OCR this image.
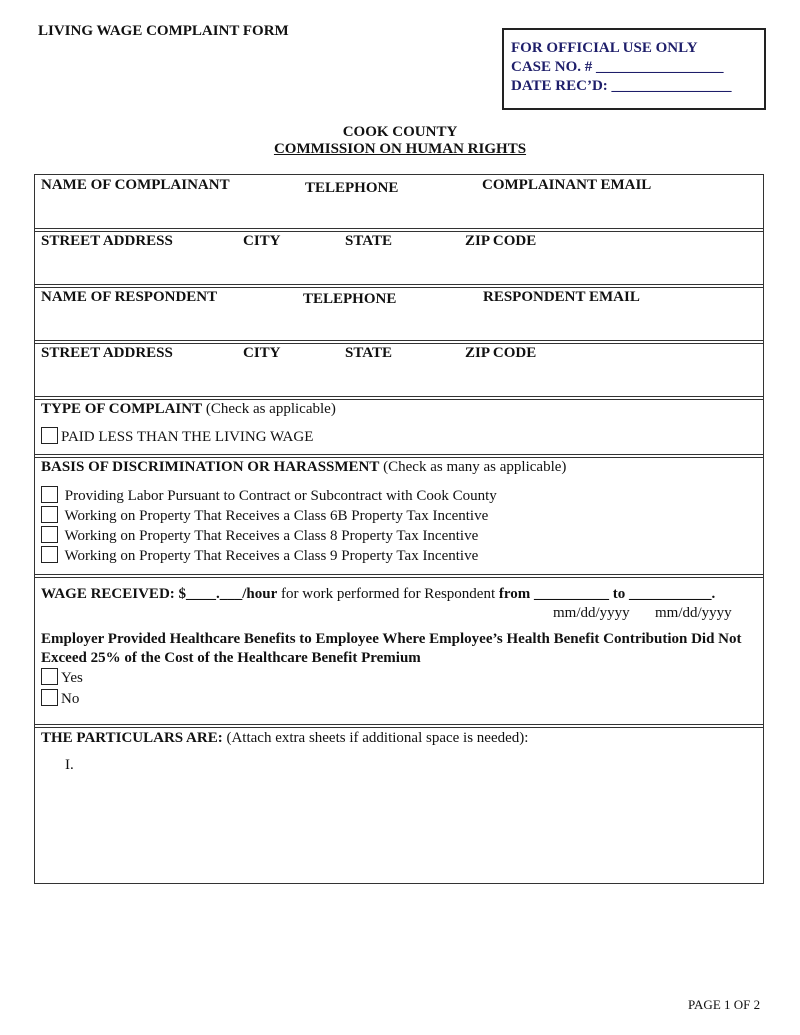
LIVING WAGE COMPLAINT FORM
FOR OFFICIAL USE ONLY
CASE NO. # _________________
DATE REC’D: ________________
COOK COUNTY
COMMISSION ON HUMAN RIGHTS
NAME OF COMPLAINANT	TELEPHONE	COMPLAINANT EMAIL
STREET ADDRESS	CITY	STATE	ZIP CODE
NAME OF RESPONDENT	TELEPHONE	RESPONDENT EMAIL
STREET ADDRESS	CITY	STATE	ZIP CODE
TYPE OF COMPLAINT (Check as applicable)
PAID LESS THAN THE LIVING WAGE
BASIS OF DISCRIMINATION OR HARASSMENT (Check as many as applicable)
Providing Labor Pursuant to Contract or Subcontract with Cook County
Working on Property That Receives a Class 6B Property Tax Incentive
Working on Property That Receives a Class 8 Property Tax Incentive
Working on Property That Receives a Class 9 Property Tax Incentive
WAGE RECEIVED: $____.___/hour for work performed for Respondent from __________ to ___________.
mm/dd/yyyy mm/dd/yyyy
Employer Provided Healthcare Benefits to Employee Where Employee’s Health Benefit Contribution Did Not Exceed 25% of the Cost of the Healthcare Benefit Premium
Yes
No
THE PARTICULARS ARE: (Attach extra sheets if additional space is needed):
I.
PAGE 1 OF 2
